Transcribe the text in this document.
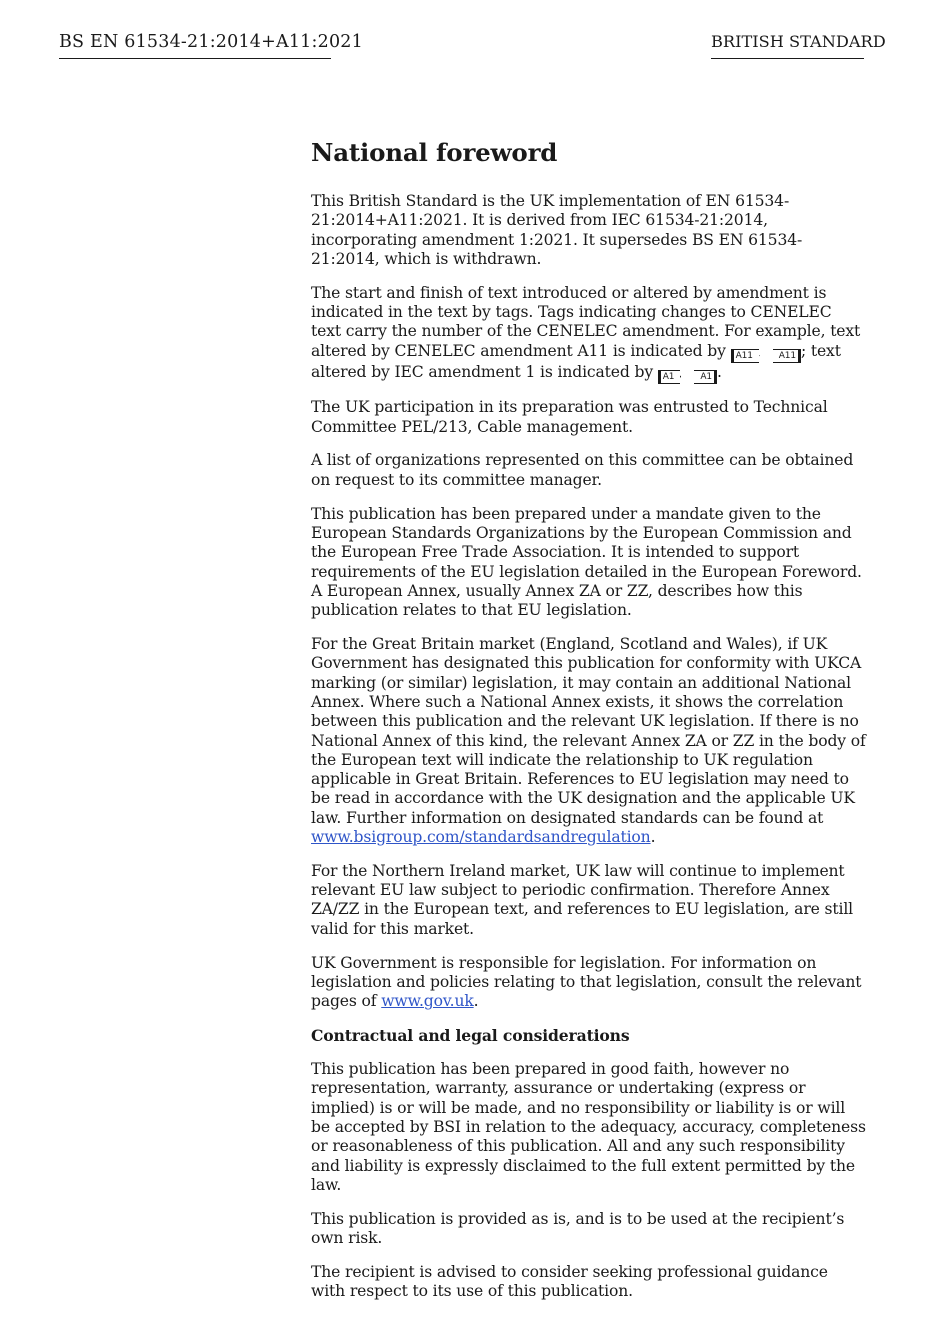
BS EN 61534-21:2014+A11:2021	BRITISH STANDARD
National foreword

This British Standard is the UK implementation of EN 61534-21:2014+A11:2021. It is derived from IEC 61534-21:2014, incorporating amendment 1:2021. It supersedes BS EN 61534-21:2014, which is withdrawn.

The start and finish of text introduced or altered by amendment is indicated in the text by tags. Tags indicating changes to CENELEC text carry the number of the CENELEC amendment. For example, text altered by CENELEC amendment A11 is indicated by A11	A11 ; text altered by IEC amendment 1 is indicated by A1	A1 .

The UK participation in its preparation was entrusted to Technical Committee PEL/213, Cable management.

A list of organizations represented on this committee can be obtained on request to its committee manager.

This publication has been prepared under a mandate given to the European Standards Organizations by the European Commission and the European Free Trade Association. It is intended to support requirements of the EU legislation detailed in the European Foreword. A European Annex, usually Annex ZA or ZZ, describes how this publication relates to that EU legislation.

For the Great Britain market (England, Scotland and Wales), if UK Government has designated this publication for conformity with UKCA marking (or similar) legislation, it may contain an additional National Annex. Where such a National Annex exists, it shows the correlation between this publication and the relevant UK legislation. If there is no National Annex of this kind, the relevant Annex ZA or ZZ in the body of the European text will indicate the relationship to UK regulation applicable in Great Britain. References to EU legislation may need to be read in accordance with the UK designation and the applicable UK law. Further information on designated standards can be found at www.bsigroup.com/standardsandregulation.

For the Northern Ireland market, UK law will continue to implement relevant EU law subject to periodic confirmation. Therefore Annex ZA/ZZ in the European text, and references to EU legislation, are still valid for this market.

UK Government is responsible for legislation. For information on legislation and policies relating to that legislation, consult the relevant pages of www.gov.uk.

Contractual and legal considerations

This publication has been prepared in good faith, however no representation, warranty, assurance or undertaking (express or implied) is or will be made, and no responsibility or liability is or will be accepted by BSI in relation to the adequacy, accuracy, completeness or reasonableness of this publication. All and any such responsibility and liability is expressly disclaimed to the full extent permitted by the law.

This publication is provided as is, and is to be used at the recipient’s own risk.

The recipient is advised to consider seeking professional guidance with respect to its use of this publication.
